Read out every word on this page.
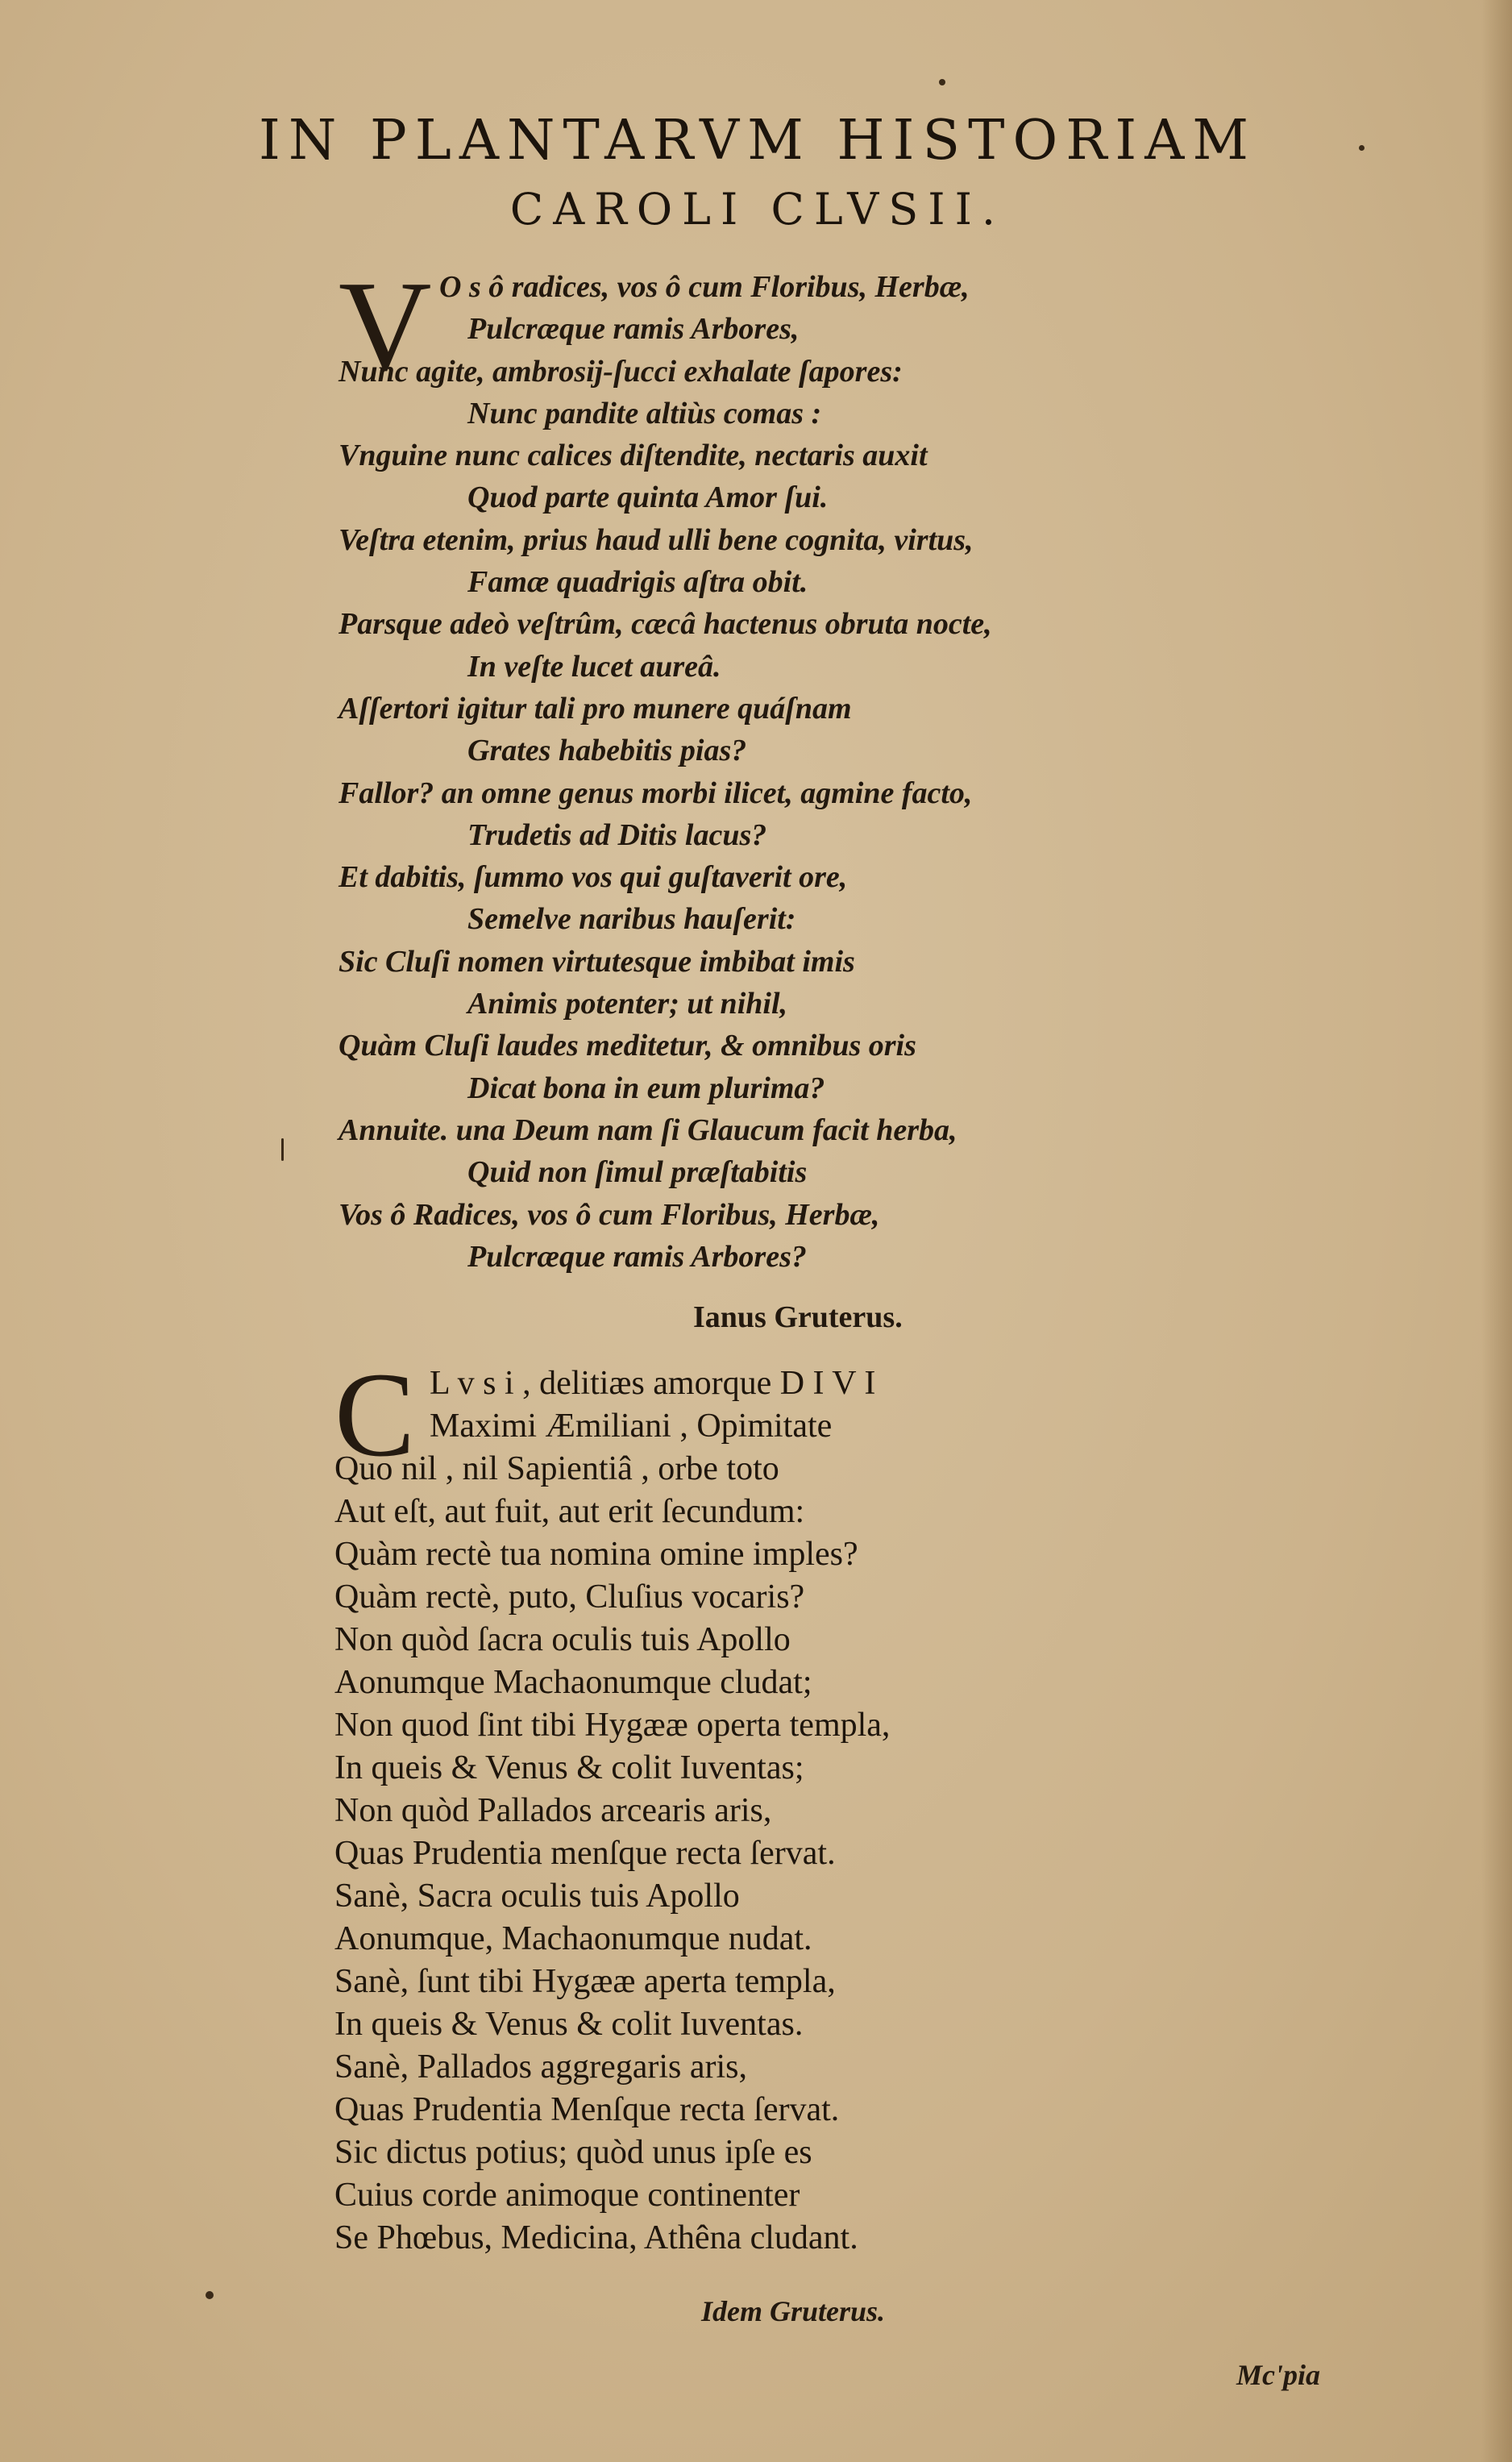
IN PLANTARVM HISTORIAM
CAROLI CLVSII.
V O s ô radices, vos ô cum Floribus, Herbæ,
Pulcræque ramis Arbores,
Nunc agite, ambrosij-ſucci exhalate ſapores:
Nunc pandite altiùs comas :
Vnguine nunc calices diſtendite, nectaris auxit
Quod parte quinta Amor ſui.
Veſtra etenim, prius haud ulli bene cognita, virtus,
Famæ quadrigis aſtra obit.
Parsque adeò veſtrûm, cæcâ hactenus obruta nocte,
In veſte lucet aureâ.
Aſſertori igitur tali pro munere quáſnam
Grates habebitis pias?
Fallor? an omne genus morbi ilicet, agmine facto,
Trudetis ad Ditis lacus?
Et dabitis, ſummo vos qui guſtaverit ore,
Semelve naribus hauſerit:
Sic Cluſi nomen virtutesque imbibat imis
Animis potenter; ut nihil,
Quàm Cluſi laudes meditetur, & omnibus oris
Dicat bona in eum plurima?
Annuite. una Deum nam ſi Glaucum facit herba,
Quid non ſimul præſtabitis
Vos ô Radices, vos ô cum Floribus, Herbæ,
Pulcræque ramis Arbores?
Ianus Gruterus.
C L v s i , delitiæs amorque D I V I
Maximi Æmiliani , Opimitate
Quo nil , nil Sapientiâ , orbe toto
Aut eſt, aut fuit, aut erit ſecundum:
Quàm rectè tua nomina omine imples?
Quàm rectè, puto, Cluſius vocaris?
Non quòd ſacra oculis tuis Apollo
Aonumque Machaonumque cludat;
Non quod ſint tibi Hygææ operta templa,
In queis & Venus & colit Iuventas;
Non quòd Pallados arcearis aris,
Quas Prudentia menſque recta ſervat.
Sanè, Sacra oculis tuis Apollo
Aonumque, Machaonumque nudat.
Sanè, ſunt tibi Hygææ aperta templa,
In queis & Venus & colit Iuventas.
Sanè, Pallados aggregaris aris,
Quas Prudentia Menſque recta ſervat.
Sic dictus potius; quòd unus ipſe es
Cuius corde animoque continenter
Se Phœbus, Medicina, Athêna cludant.
Idem Gruterus.
Mc'pia
